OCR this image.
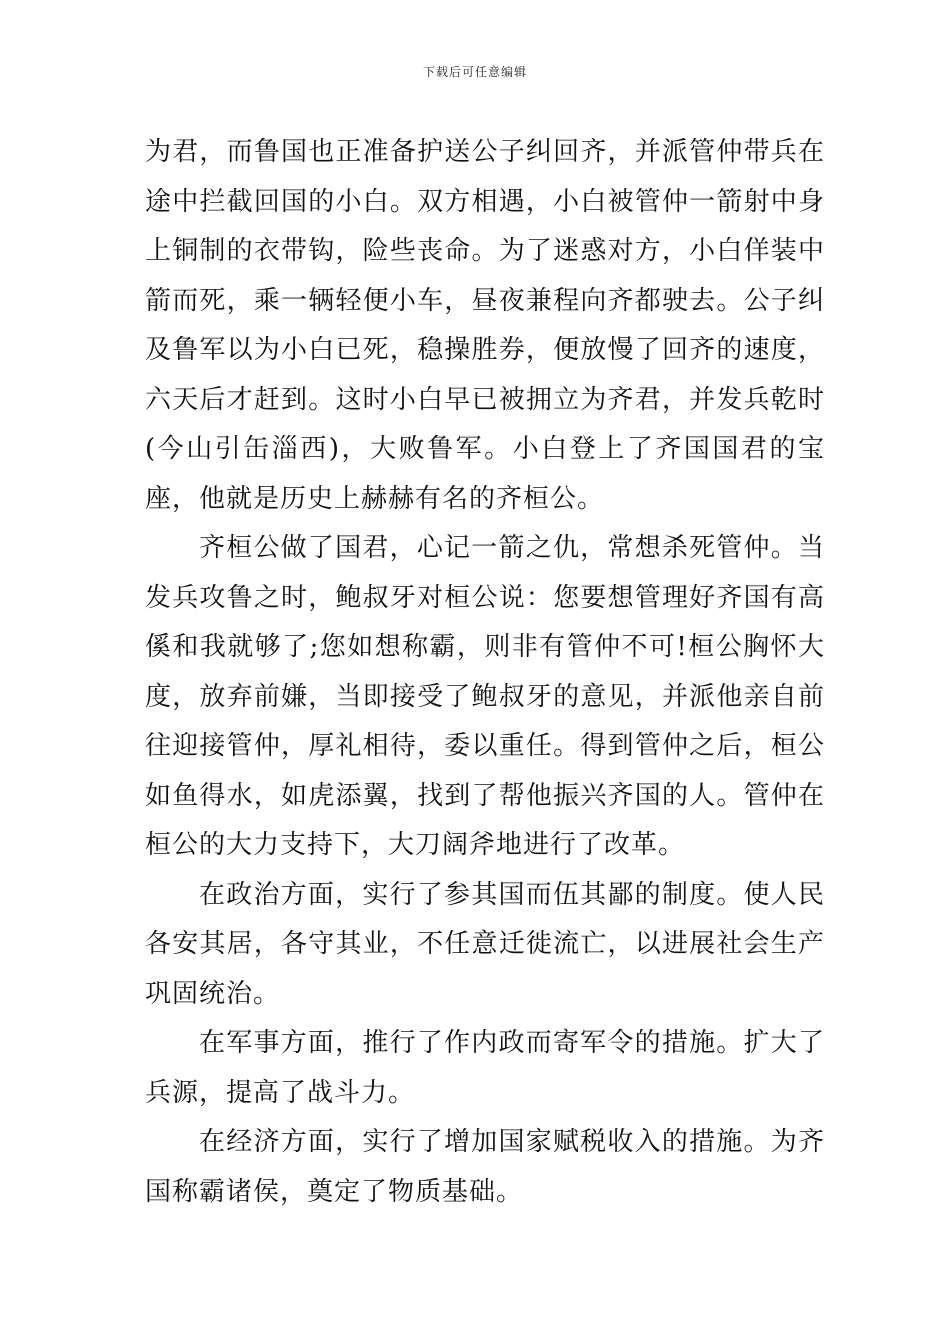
下载后可任意编辑

为君，而鲁国也正准备护送公子纠回齐，并派管仲带兵在途中拦截回国的小白。双方相遇，小白被管仲一箭射中身上铜制的衣带钩，险些丧命。为了迷惑对方，小白佯装中箭而死，乘一辆轻便小车，昼夜兼程向齐都驶去。公子纠及鲁军以为小白已死，稳操胜券，便放慢了回齐的速度，六天后才赶到。这时小白早已被拥立为齐君，并发兵乾时(今山引缶淄西)，大败鲁军。小白登上了齐国国君的宝座，他就是历史上赫赫有名的齐桓公。

齐桓公做了国君，心记一箭之仇，常想杀死管仲。当发兵攻鲁之时，鲍叔牙对桓公说：您要想管理好齐国有高傒和我就够了;您如想称霸，则非有管仲不可!桓公胸怀大度，放弃前嫌，当即接受了鲍叔牙的意见，并派他亲自前往迎接管仲，厚礼相待，委以重任。得到管仲之后，桓公如鱼得水，如虎添翼，找到了帮他振兴齐国的人。管仲在桓公的大力支持下，大刀阔斧地进行了改革。

在政治方面，实行了参其国而伍其鄙的制度。使人民各安其居，各守其业，不任意迁徙流亡，以进展社会生产巩固统治。

在军事方面，推行了作内政而寄军令的措施。扩大了兵源，提高了战斗力。

在经济方面，实行了增加国家赋税收入的措施。为齐国称霸诸侯，奠定了物质基础。
